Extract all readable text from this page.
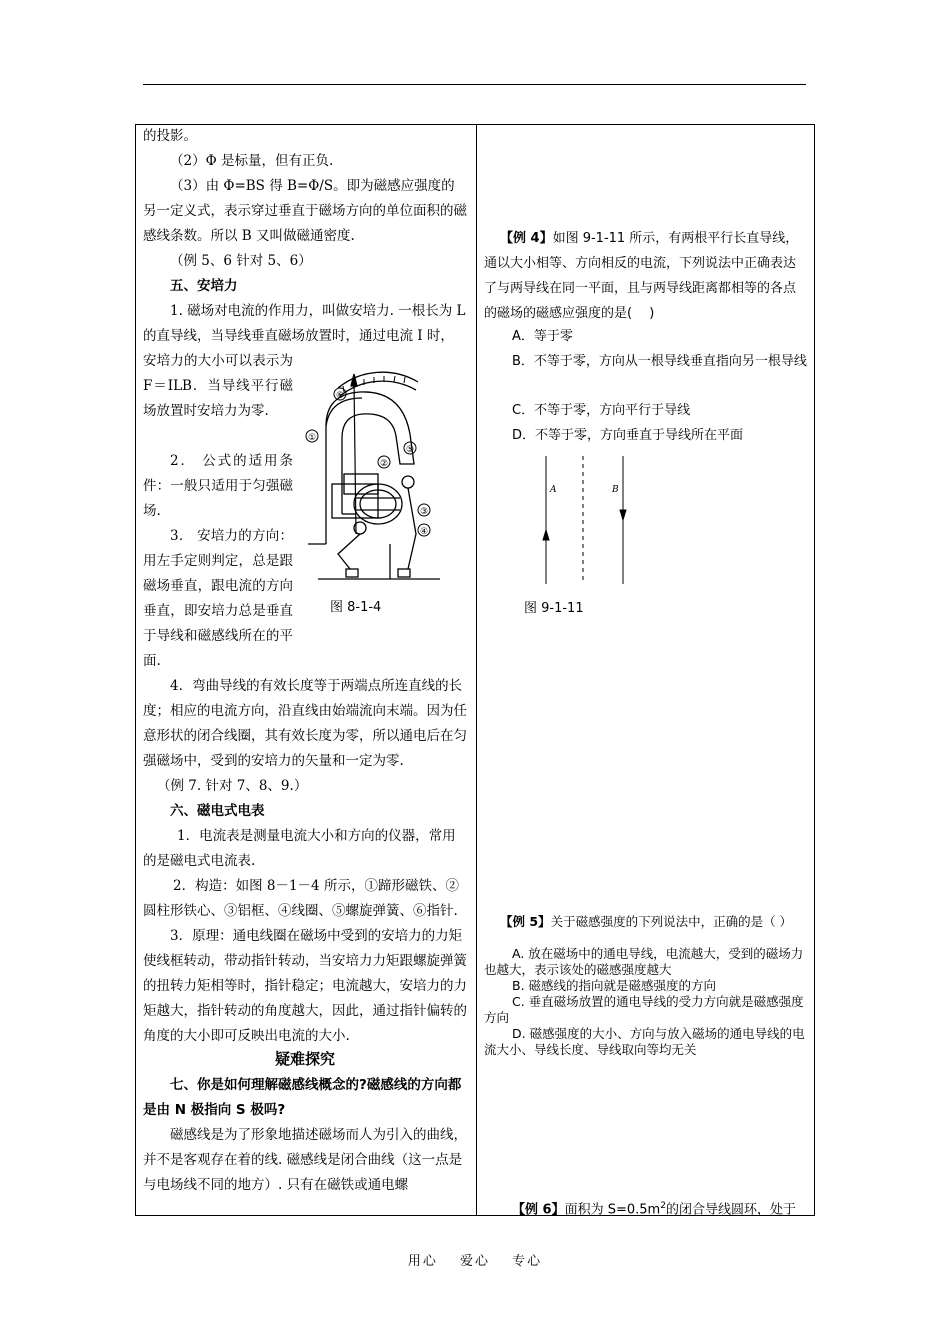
的投影。

（2）Φ 是标量，但有正负.

（3）由 Φ=BS 得 B=Φ/S。即为磁感应强度的另一定义式，表示穿过垂直于磁场方向的单位面积的磁感线条数。所以 B 又叫做磁通密度.

（例 5、6 针对 5、6）

五、安培力

1. 磁场对电流的作用力，叫做安培力. 一根长为 L 的直导线，当导线垂直磁场放置时，通过电流 I 时，

安培力的大小可以表示为 F＝ILB．当导线平行磁场放置时安培力为零.

2． 公式的适用条件：一般只适用于匀强磁场.

3． 安培力的方向：用左手定则判定，总是跟磁场垂直，跟电流的方向垂直，即安培力总是垂直于导线和磁感线所在的平面.

①
②
③
④
⑤
⑥
图 8-1-4

4．弯曲导线的有效长度等于两端点所连直线的长度；相应的电流方向，沿直线由始端流向末端。因为任意形状的闭合线圈，其有效长度为零，所以通电后在匀强磁场中，受到的安培力的矢量和一定为零.

（例 7. 针对 7、8、9.）

六、磁电式电表

1．电流表是测量电流大小和方向的仪器，常用的是磁电式电流表.

2．构造：如图 8－1－4 所示，①蹄形磁铁、②圆柱形铁心、③铝框、④线圈、⑤螺旋弹簧、⑥指针.

3．原理：通电线圈在磁场中受到的安培力的力矩使线框转动，带动指针转动，当安培力力矩跟螺旋弹簧的扭转力矩相等时，指针稳定；电流越大，安培力的力矩越大，指针转动的角度越大，因此，通过指针偏转的角度的大小即可反映出电流的大小.

疑难探究

七、你是如何理解磁感线概念的?磁感线的方向都是由 N 极指向 S 极吗?

磁感线是为了形象地描述磁场而人为引入的曲线，并不是客观存在着的线. 磁感线是闭合曲线（这一点是与电场线不同的地方）. 只有在磁铁或通电螺

【例 4】如图 9-1-11 所示，有两根平行长直导线，通以大小相等、方向相反的电流，下列说法中正确表达了与两导线在同一平面，且与两导线距离都相等的各点的磁场的磁感应强度的是(　 )

A．等于零

B．不等于零，方向从一根导线垂直指向另一根导线

C．不等于零，方向平行于导线

D．不等于零，方向垂直于导线所在平面

A	B
图 9-1-11

【例 5】关于磁感强度的下列说法中，正确的是（ ）

A. 放在磁场中的通电导线，电流越大，受到的磁场力也越大，表示该处的磁感强度越大

B. 磁感线的指向就是磁感强度的方向

C. 垂直磁场放置的通电导线的受力方向就是磁感强度方向

D. 磁感强度的大小、方向与放入磁场的通电导线的电流大小、导线长度、导线取向等均无关

【例 6】面积为 $S=0.5m^2$的闭合导线圆环，处于

用心 爱心 专心
